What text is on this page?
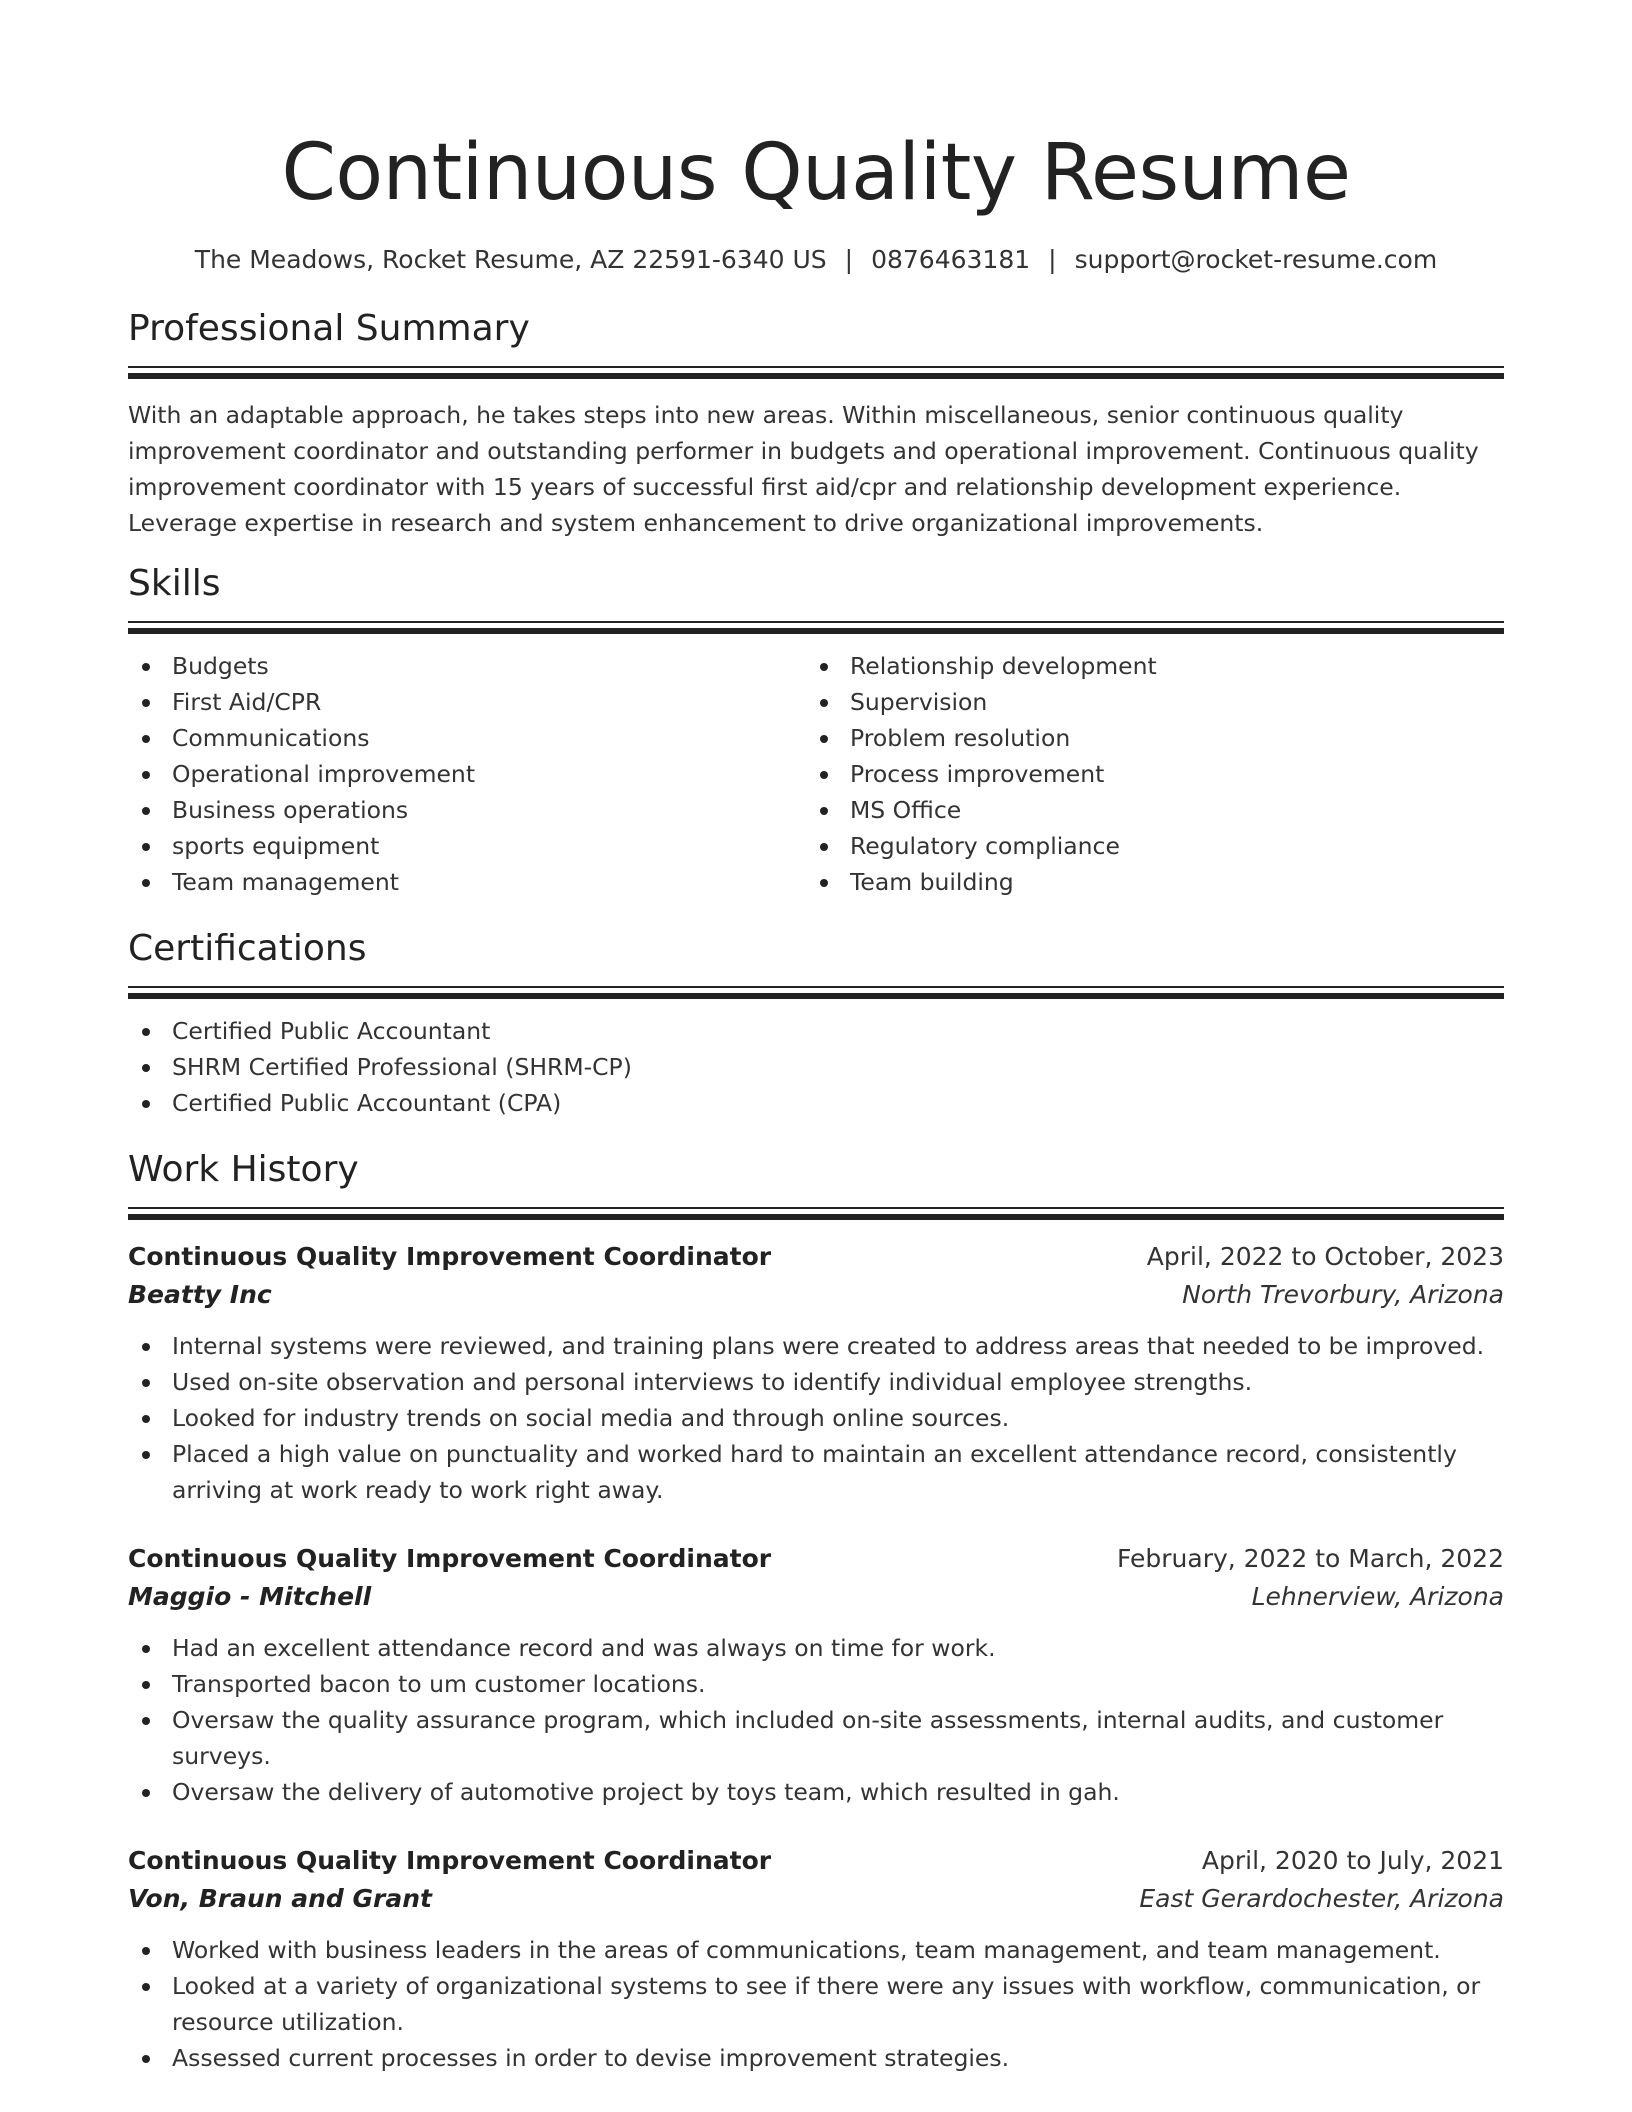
Continuous Quality Resume
The Meadows, Rocket Resume, AZ 22591-6340 US | 0876463181 | support@rocket-resume.com
Professional Summary

With an adaptable approach, he takes steps into new areas. Within miscellaneous, senior continuous quality improvement coordinator and outstanding performer in budgets and operational improvement. Continuous quality improvement coordinator with 15 years of successful first aid/cpr and relationship development experience. Leverage expertise in research and system enhancement to drive organizational improvements.

Skills
Budgets
First Aid/CPR
Communications
Operational improvement
Business operations
sports equipment
Team management
Relationship development
Supervision
Problem resolution
Process improvement
MS Office
Regulatory compliance
Team building
Certifications
Certified Public Accountant
SHRM Certified Professional (SHRM-CP)
Certified Public Accountant (CPA)
Work History
Continuous Quality Improvement Coordinator	April, 2022 to October, 2023
Beatty Inc	North Trevorbury, Arizona
Internal systems were reviewed, and training plans were created to address areas that needed to be improved.
Used on-site observation and personal interviews to identify individual employee strengths.
Looked for industry trends on social media and through online sources.
Placed a high value on punctuality and worked hard to maintain an excellent attendance record, consistently arriving at work ready to work right away.
Continuous Quality Improvement Coordinator	February, 2022 to March, 2022
Maggio - Mitchell	Lehnerview, Arizona
Had an excellent attendance record and was always on time for work.
Transported bacon to um customer locations.
Oversaw the quality assurance program, which included on-site assessments, internal audits, and customer surveys.
Oversaw the delivery of automotive project by toys team, which resulted in gah.
Continuous Quality Improvement Coordinator	April, 2020 to July, 2021
Von, Braun and Grant	East Gerardochester, Arizona
Worked with business leaders in the areas of communications, team management, and team management.
Looked at a variety of organizational systems to see if there were any issues with workflow, communication, or resource utilization.
Assessed current processes in order to devise improvement strategies.
